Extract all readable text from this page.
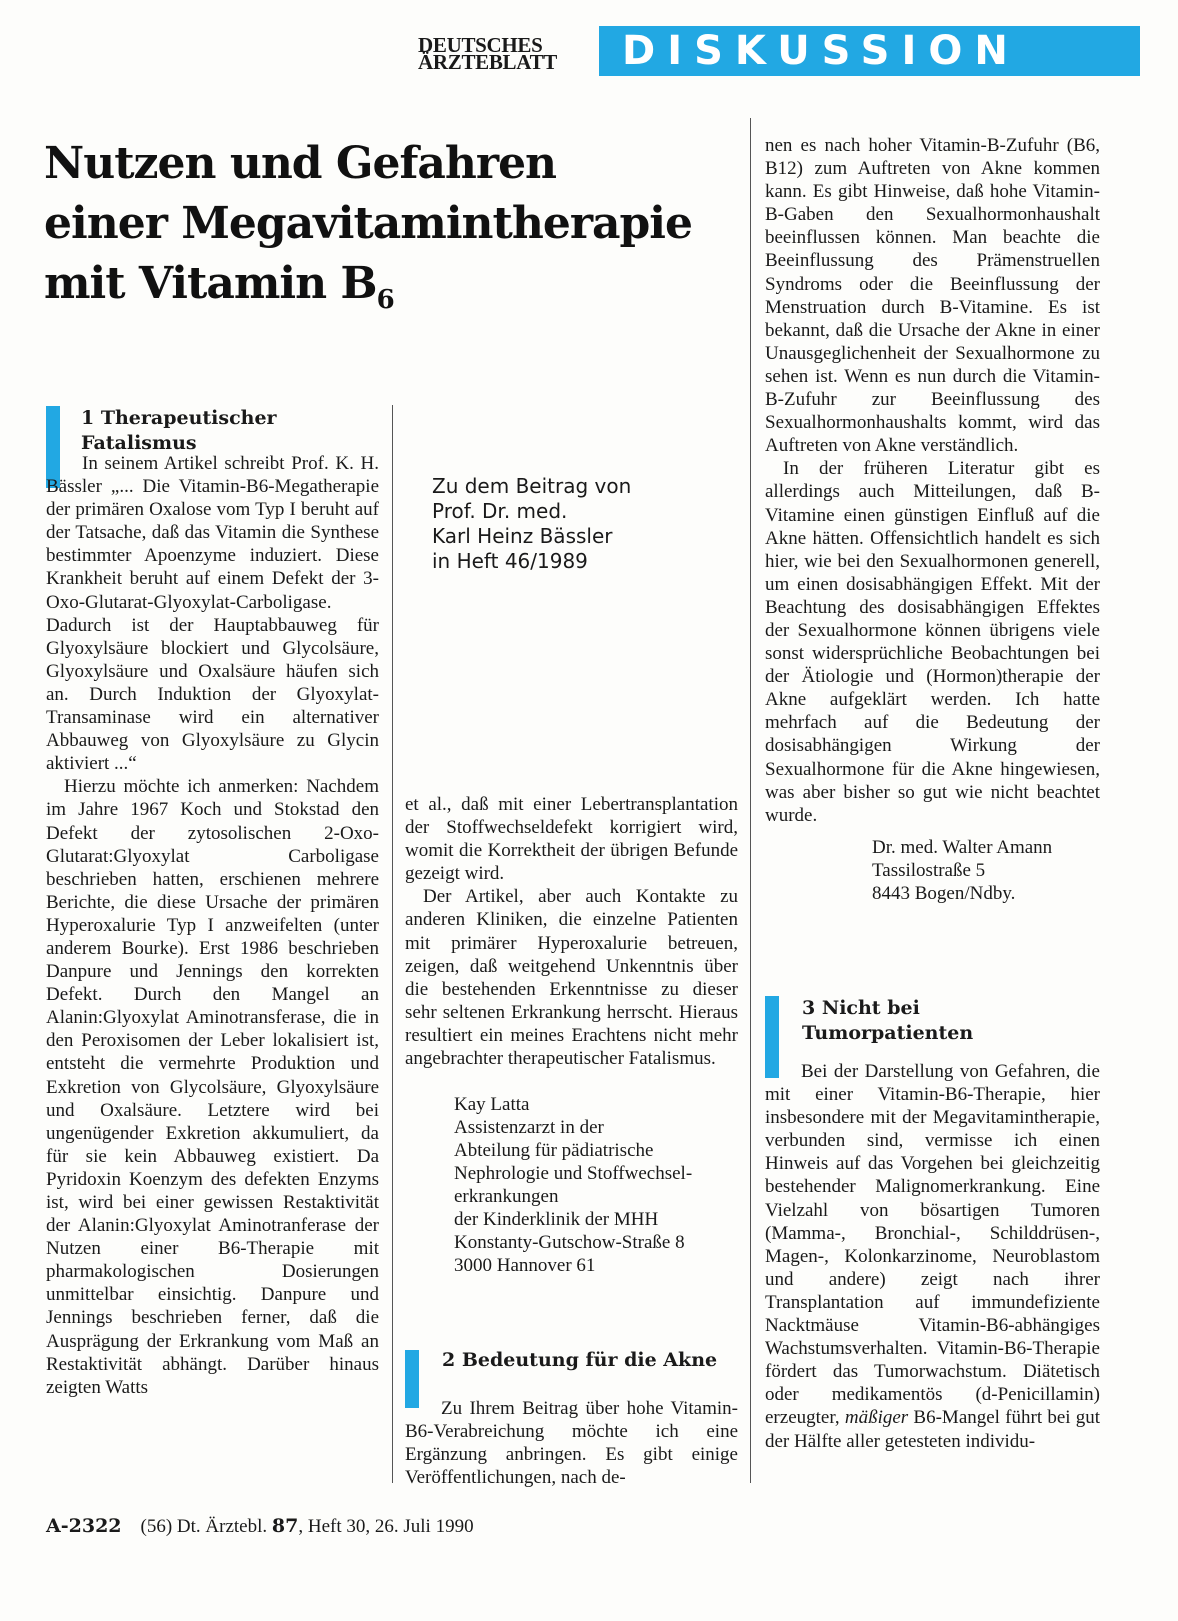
DEUTSCHES
ÄRZTEBLATT DISKUSSION
Nutzen und Gefahren
einer Megavitamintherapie
mit Vitamin $B_6$
1 Therapeutischer
Fatalismus

In seinem Artikel schreibt Prof. K. H. Bässler „... Die Vitamin-B6-Megatherapie der primären Oxalose vom Typ I beruht auf der Tatsache, daß das Vitamin die Synthese bestimmter Apoenzyme induziert. Diese Krankheit beruht auf einem Defekt der 3-Oxo-Glutarat-Glyoxylat-Carboligase. Dadurch ist der Hauptabbauweg für Glyoxylsäure blockiert und Glycolsäure, Glyoxylsäure und Oxalsäure häufen sich an. Durch Induktion der Glyoxylat-Transaminase wird ein alternativer Abbauweg von Glyoxylsäure zu Glycin aktiviert ...“

Hierzu möchte ich anmerken: Nachdem im Jahre 1967 Koch und Stokstad den Defekt der zytosolischen 2-Oxo-Glutarat:Glyoxylat Carboligase beschrieben hatten, erschienen mehrere Berichte, die diese Ursache der primären Hyperoxalurie Typ I anzweifelten (unter anderem Bourke). Erst 1986 beschrieben Danpure und Jennings den korrekten Defekt. Durch den Mangel an Alanin:Glyoxylat Aminotransferase, die in den Peroxisomen der Leber lokalisiert ist, entsteht die vermehrte Produktion und Exkretion von Glycolsäure, Glyoxylsäure und Oxalsäure. Letztere wird bei ungenügender Exkretion akkumuliert, da für sie kein Abbauweg existiert. Da Pyridoxin Koenzym des defekten Enzyms ist, wird bei einer gewissen Restaktivität der Alanin:Glyoxylat Aminotranferase der Nutzen einer B6-Therapie mit pharmakologischen Dosierungen unmittelbar einsichtig. Danpure und Jennings beschrieben ferner, daß die Ausprägung der Erkrankung vom Maß an Restaktivität abhängt. Darüber hinaus zeigten Watts

Zu dem Beitrag von
Prof. Dr. med.
Karl Heinz Bässler
in Heft 46/1989

et al., daß mit einer Lebertransplantation der Stoffwechseldefekt korrigiert wird, womit die Korrektheit der übrigen Befunde gezeigt wird.

Der Artikel, aber auch Kontakte zu anderen Kliniken, die einzelne Patienten mit primärer Hyperoxalurie betreuen, zeigen, daß weitgehend Unkenntnis über die bestehenden Erkenntnisse zu dieser sehr seltenen Erkrankung herrscht. Hieraus resultiert ein meines Erachtens nicht mehr angebrachter therapeutischer Fatalismus.

Kay Latta
Assistenzarzt in der
Abteilung für pädiatrische
Nephrologie und Stoffwechsel-
erkrankungen
der Kinderklinik der MHH
Konstanty-Gutschow-Straße 8
3000 Hannover 61
2 Bedeutung für die Akne

Zu Ihrem Beitrag über hohe Vitamin-B6-Verabreichung möchte ich eine Ergänzung anbringen. Es gibt einige Veröffentlichungen, nach de-

nen es nach hoher Vitamin-B-Zufuhr (B6, B12) zum Auftreten von Akne kommen kann. Es gibt Hinweise, daß hohe Vitamin-B-Gaben den Sexualhormonhaushalt beeinflussen können. Man beachte die Beeinflussung des Prämenstruellen Syndroms oder die Beeinflussung der Menstruation durch B-Vitamine. Es ist bekannt, daß die Ursache der Akne in einer Unausgeglichenheit der Sexualhormone zu sehen ist. Wenn es nun durch die Vitamin-B-Zufuhr zur Beeinflussung des Sexualhormonhaushalts kommt, wird das Auftreten von Akne verständlich.

In der früheren Literatur gibt es allerdings auch Mitteilungen, daß B-Vitamine einen günstigen Einfluß auf die Akne hätten. Offensichtlich handelt es sich hier, wie bei den Sexualhormonen generell, um einen dosisabhängigen Effekt. Mit der Beachtung des dosisabhängigen Effektes der Sexualhormone können übrigens viele sonst widersprüchliche Beobachtungen bei der Ätiologie und (Hormon)therapie der Akne aufgeklärt werden. Ich hatte mehrfach auf die Bedeutung der dosisabhängigen Wirkung der Sexualhormone für die Akne hingewiesen, was aber bisher so gut wie nicht beachtet wurde.

Dr. med. Walter Amann
Tassilostraße 5
8443 Bogen/Ndby.
3 Nicht bei
Tumorpatienten

Bei der Darstellung von Gefahren, die mit einer Vitamin-B6-Therapie, hier insbesondere mit der Megavitamintherapie, verbunden sind, vermisse ich einen Hinweis auf das Vorgehen bei gleichzeitig bestehender Malignomerkrankung. Eine Vielzahl von bösartigen Tumoren (Mamma-, Bronchial-, Schilddrüsen-, Magen-, Kolonkarzinome, Neuroblastom und andere) zeigt nach ihrer Transplantation auf immundefiziente Nacktmäuse Vitamin-B6-abhängiges Wachstumsverhalten. Vitamin-B6-Therapie fördert das Tumorwachstum. Diätetisch oder medikamentös (d-Penicillamin) erzeugter, mäßiger B6-Mangel führt bei gut der Hälfte aller getesteten individu-

A-2322 (56) Dt. Ärztebl. 87, Heft 30, 26. Juli 1990
